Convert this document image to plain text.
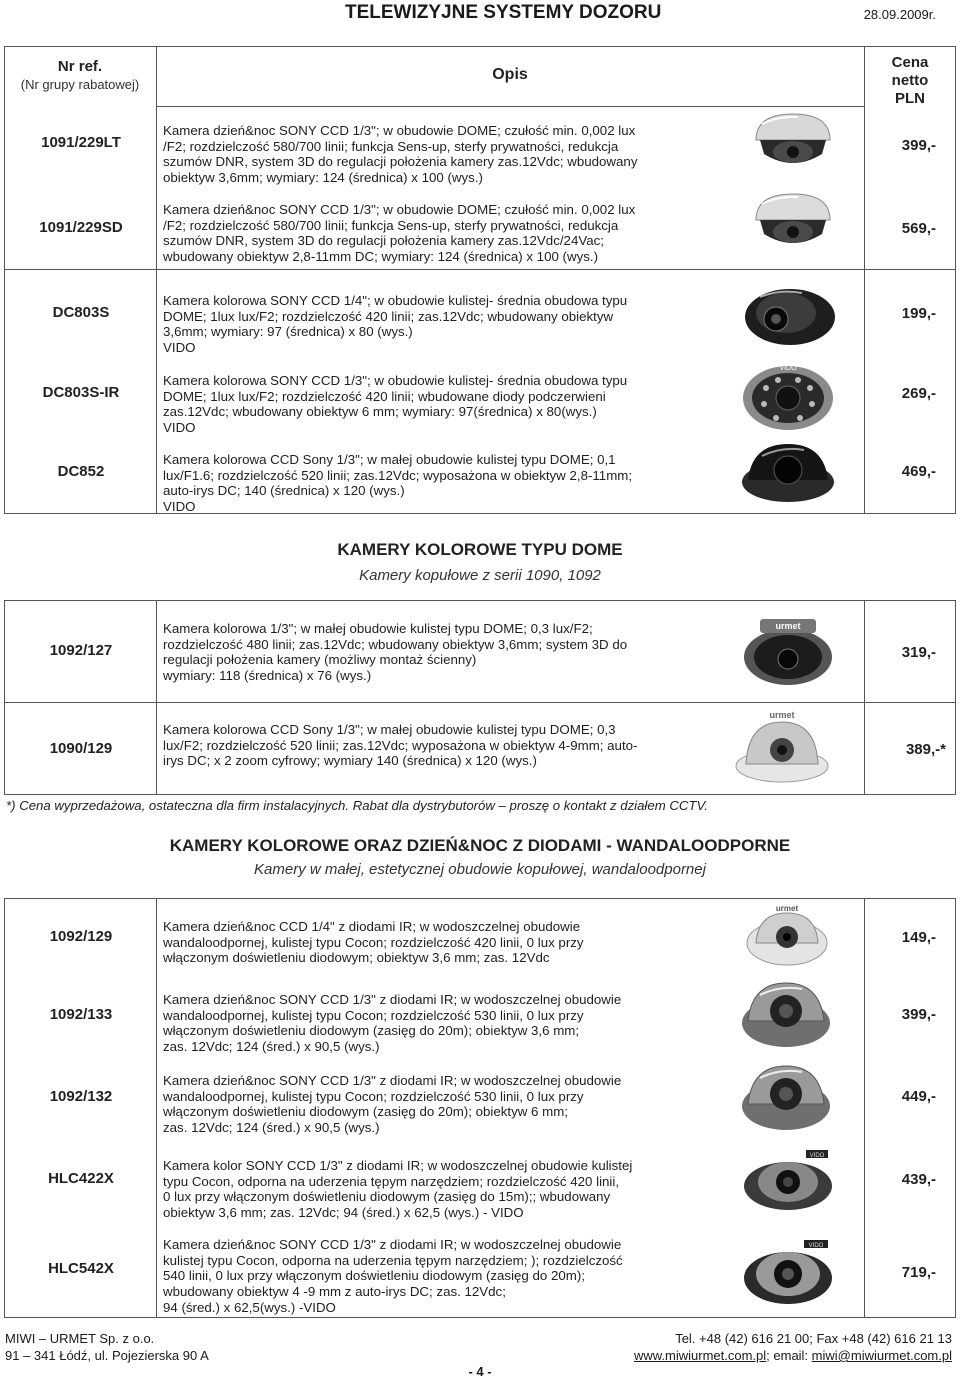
TELEWIZYJNE SYSTEMY DOZORU	28.09.2009r.
Nr ref.
(Nr grupy rabatowej)
Opis
Cena
netto
PLN
1091/229LT

Kamera dzień&noc SONY CCD 1/3"; w obudowie DOME; czułość min. 0,002 lux
/F2; rozdzielczość 580/700 linii; funkcja Sens-up, sterfy prywatności, redukcja
szumów DNR, system 3D do regulacji położenia kamery zas.12Vdc; wbudowany
obiektyw 3,6mm; wymiary: 124 (średnica) x 100 (wys.)

399,-
1091/229SD

Kamera dzień&noc SONY CCD 1/3"; w obudowie DOME; czułość min. 0,002 lux
/F2; rozdzielczość 580/700 linii; funkcja Sens-up, sterfy prywatności, redukcja
szumów DNR, system 3D do regulacji położenia kamery zas.12Vdc/24Vac;
wbudowany obiektyw 2,8-11mm DC; wymiary: 124 (średnica) x 100 (wys.)

569,-
DC803S

Kamera kolorowa SONY CCD 1/4"; w obudowie kulistej- średnia obudowa typu
DOME; 1lux lux/F2; rozdzielczość 420 linii; zas.12Vdc; wbudowany obiektyw
3,6mm; wymiary: 97 (średnica) x 80 (wys.)
VIDO

199,-
DC803S-IR

Kamera kolorowa SONY CCD 1/3"; w obudowie kulistej- średnia obudowa typu
DOME; 1lux lux/F2; rozdzielczość 420 linii; wbudowane diody podczerwieni
zas.12Vdc; wbudowany obiektyw 6 mm; wymiary: 97(średnica) x 80(wys.)
VIDO

269,-
DC852

Kamera kolorowa CCD Sony 1/3"; w małej obudowie kulistej typu DOME; 0,1
lux/F1.6; rozdzielczość 520 linii; zas.12Vdc; wyposażona w obiektyw 2,8-11mm;
auto-irys DC; 140 (średnica) x 120 (wys.)
VIDO

469,-
VIDO
KAMERY KOLOROWE TYPU DOME
Kamery kopułowe z serii 1090, 1092
1092/127

Kamera kolorowa 1/3"; w małej obudowie kulistej typu DOME; 0,3 lux/F2;
rozdzielczość 480 linii; zas.12Vdc; wbudowany obiektyw 3,6mm; system 3D do
regulacji położenia kamery (możliwy montaż ścienny)
wymiary: 118 (średnica) x 76 (wys.)

319,-
1090/129

Kamera kolorowa CCD Sony 1/3"; w małej obudowie kulistej typu DOME; 0,3
lux/F2; rozdzielczość 520 linii; zas.12Vdc; wyposażona w obiektyw 4-9mm; auto-
irys DC; x 2 zoom cyfrowy; wymiary 140 (średnica) x 120 (wys.)

389,-*
urmet
urmet
*) Cena wyprzedażowa, ostateczna dla firm instalacyjnych. Rabat dla dystrybutorów – proszę o kontakt z działem CCTV.
KAMERY KOLOROWE ORAZ DZIEŃ&NOC Z DIODAMI - WANDALOODPORNE
Kamery w małej, estetycznej obudowie kopułowej, wandaloodpornej
1092/129

Kamera dzień&noc CCD 1/4" z diodami IR; w wodoszczelnej obudowie
wandaloodpornej, kulistej typu Cocon; rozdzielczość 420 linii, 0 lux przy
włączonym doświetleniu diodowym; obiektyw 3,6 mm; zas. 12Vdc

149,-
1092/133

Kamera dzień&noc SONY CCD 1/3" z diodami IR; w wodoszczelnej obudowie
wandaloodpornej, kulistej typu Cocon; rozdzielczość 530 linii, 0 lux przy
włączonym doświetleniu diodowym (zasięg do 20m); obiektyw 3,6 mm;
zas. 12Vdc; 124 (śred.) x 90,5 (wys.)

399,-
1092/132

Kamera dzień&noc SONY CCD 1/3" z diodami IR; w wodoszczelnej obudowie
wandaloodpornej, kulistej typu Cocon; rozdzielczość 530 linii, 0 lux przy
włączonym doświetleniu diodowym (zasięg do 20m); obiektyw 6 mm;
zas. 12Vdc; 124 (śred.) x 90,5 (wys.)

449,-
HLC422X

Kamera kolor SONY CCD 1/3" z diodami IR; w wodoszczelnej obudowie kulistej
typu Cocon, odporna na uderzenia tępym narzędziem; rozdzielczość 420 linii,
0 lux przy włączonym doświetleniu diodowym (zasięg do 15m);; wbudowany
obiektyw 3,6 mm; zas. 12Vdc; 94 (śred.) x 62,5 (wys.) - VIDO

439,-
HLC542X

Kamera dzień&noc SONY CCD 1/3" z diodami IR; w wodoszczelnej obudowie
kulistej typu Cocon, odporna na uderzenia tępym narzędziem; ); rozdzielczość
540 linii, 0 lux przy włączonym doświetleniu diodowym (zasięg do 20m);
wbudowany obiektyw 4 -9 mm z auto-irys DC; zas. 12Vdc;
94 (śred.) x 62,5(wys.) -VIDO

719,-
urmet
VIDO
VIDO
MIWI – URMET Sp. z o.o.
91 – 341 Łódź, ul. Pojezierska 90 A
- 4 -
Tel. +48 (42) 616 21 00; Fax +48 (42) 616 21 13
www.miwiurmet.com.pl; email: miwi@miwiurmet.com.pl
